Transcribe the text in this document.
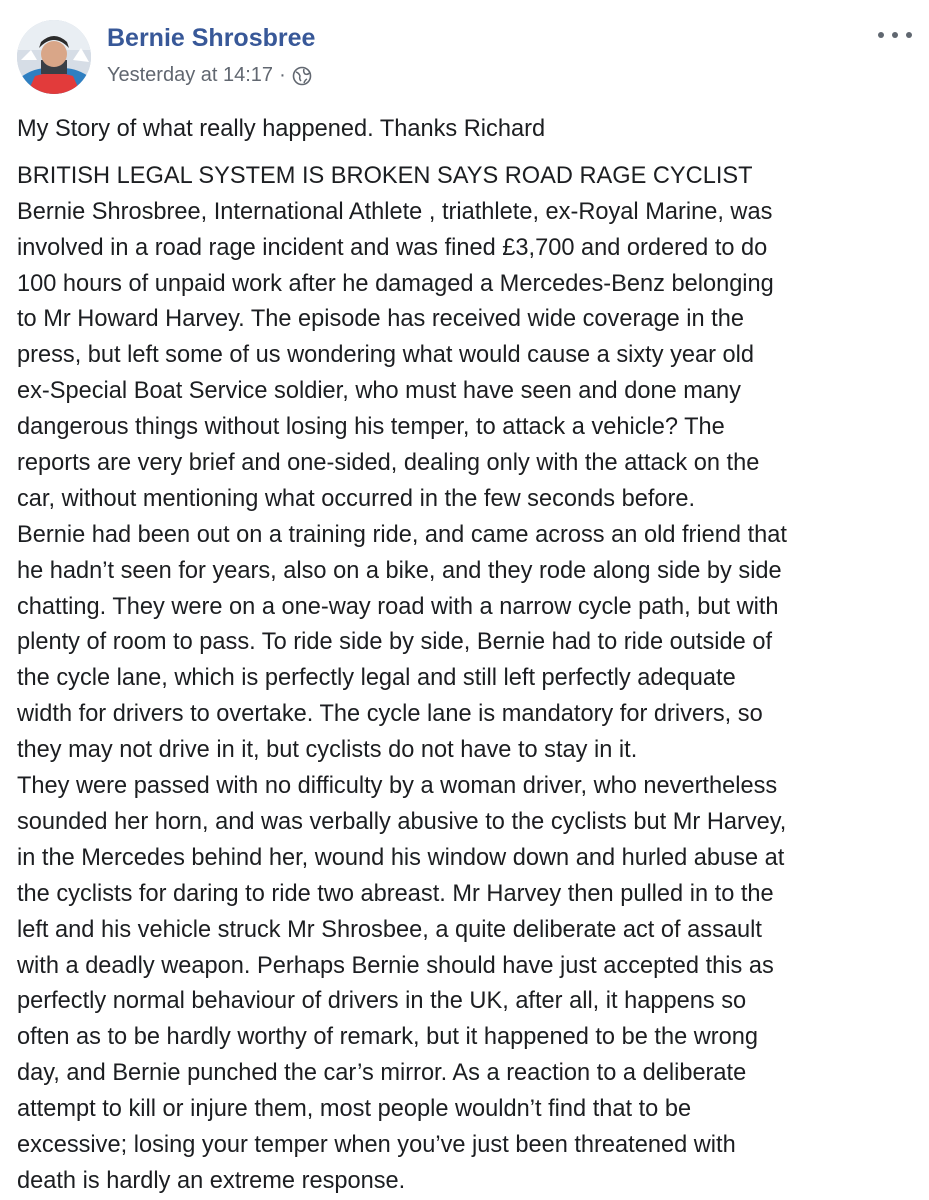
Bernie Shrosbree
Yesterday at 14:17 ·
My Story of what really happened. Thanks Richard
BRITISH LEGAL SYSTEM IS BROKEN SAYS ROAD RAGE CYCLIST
Bernie Shrosbree, International Athlete , triathlete, ex-Royal Marine, was
involved in a road rage incident and was fined £3,700 and ordered to do
100 hours of unpaid work after he damaged a Mercedes-Benz belonging
to Mr Howard Harvey. The episode has received wide coverage in the
press, but left some of us wondering what would cause a sixty year old
ex-Special Boat Service soldier, who must have seen and done many
dangerous things without losing his temper, to attack a vehicle? The
reports are very brief and one-sided, dealing only with the attack on the
car, without mentioning what occurred in the few seconds before.
Bernie had been out on a training ride, and came across an old friend that
he hadn’t seen for years, also on a bike, and they rode along side by side
chatting. They were on a one-way road with a narrow cycle path, but with
plenty of room to pass. To ride side by side, Bernie had to ride outside of
the cycle lane, which is perfectly legal and still left perfectly adequate
width for drivers to overtake. The cycle lane is mandatory for drivers, so
they may not drive in it, but cyclists do not have to stay in it.
They were passed with no difficulty by a woman driver, who nevertheless
sounded her horn, and was verbally abusive to the cyclists but Mr Harvey,
in the Mercedes behind her, wound his window down and hurled abuse at
the cyclists for daring to ride two abreast. Mr Harvey then pulled in to the
left and his vehicle struck Mr Shrosbee, a quite deliberate act of assault
with a deadly weapon. Perhaps Bernie should have just accepted this as
perfectly normal behaviour of drivers in the UK, after all, it happens so
often as to be hardly worthy of remark, but it happened to be the wrong
day, and Bernie punched the car’s mirror. As a reaction to a deliberate
attempt to kill or injure them, most people wouldn’t find that to be
excessive; losing your temper when you’ve just been threatened with
death is hardly an extreme response.
